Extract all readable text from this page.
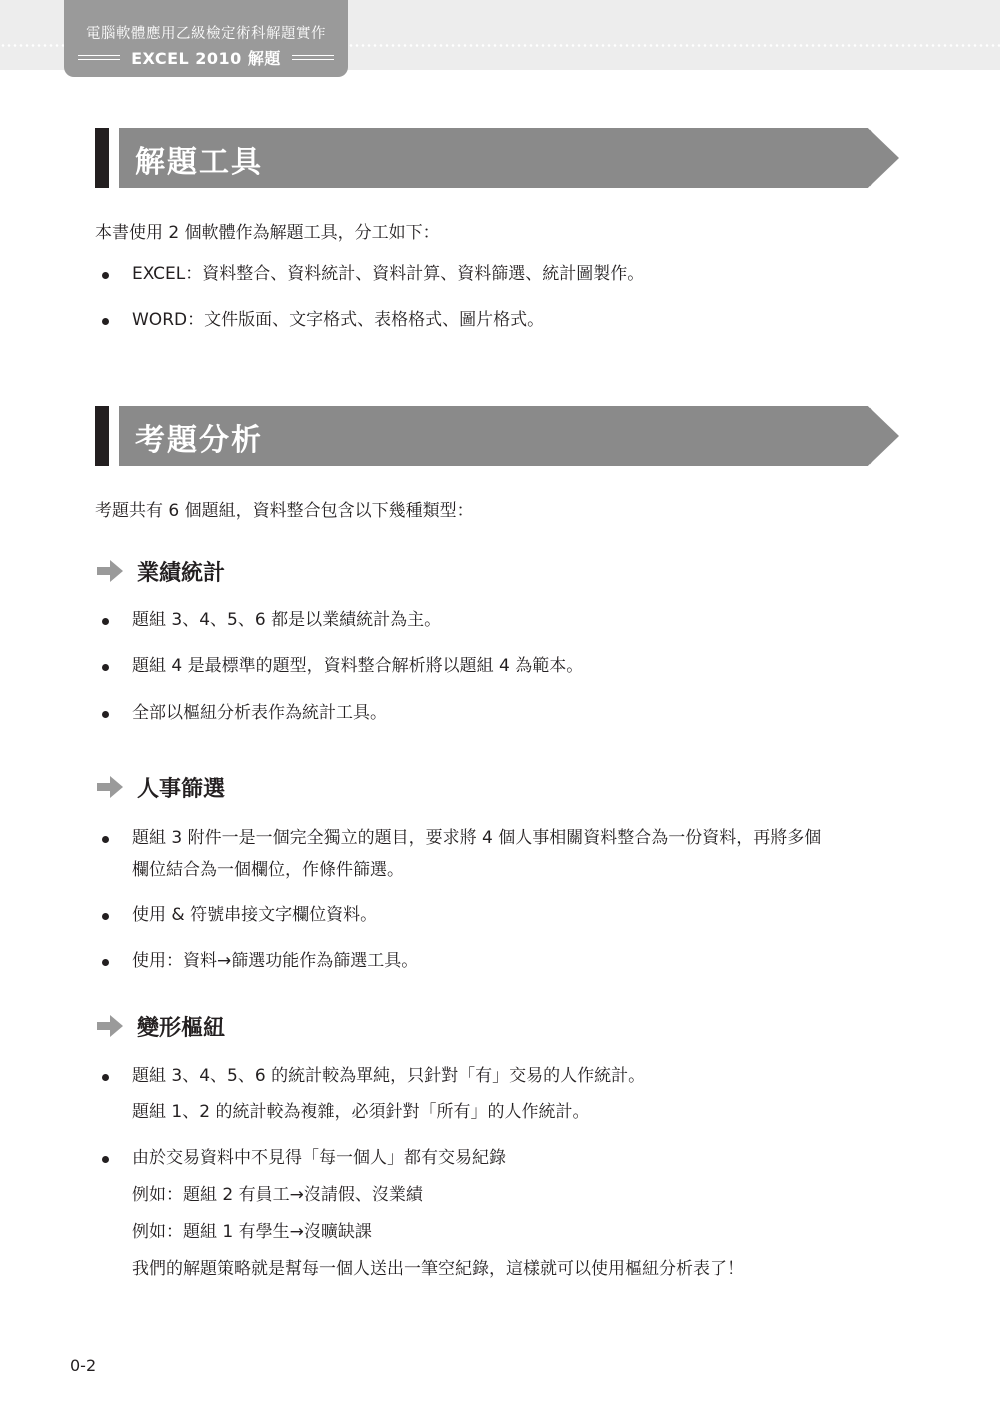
電腦軟體應用乙級檢定術科解題實作
EXCEL 2010 解題
解題工具
本書使用 2 個軟體作為解題工具，分工如下：
EXCEL：資料整合、資料統計、資料計算、資料篩選、統計圖製作。
WORD：文件版面、文字格式、表格格式、圖片格式。
考題分析
考題共有 6 個題組，資料整合包含以下幾種類型：
業績統計
題組 3、4、5、6 都是以業績統計為主。
題組 4 是最標準的題型，資料整合解析將以題組 4 為範本。
全部以樞紐分析表作為統計工具。
人事篩選
題組 3 附件一是一個完全獨立的題目，要求將 4 個人事相關資料整合為一份資料，再將多個
欄位結合為一個欄位，作條件篩選。
使用 & 符號串接文字欄位資料。
使用：資料→篩選功能作為篩選工具。
變形樞紐
題組 3、4、5、6 的統計較為單純，只針對「有」交易的人作統計。
題組 1、2 的統計較為複雜，必須針對「所有」的人作統計。
由於交易資料中不見得「每一個人」都有交易紀錄
例如：題組 2 有員工→沒請假、沒業績
例如：題組 1 有學生→沒曠缺課
我們的解題策略就是幫每一個人送出一筆空紀錄，這樣就可以使用樞紐分析表了！
0-2
